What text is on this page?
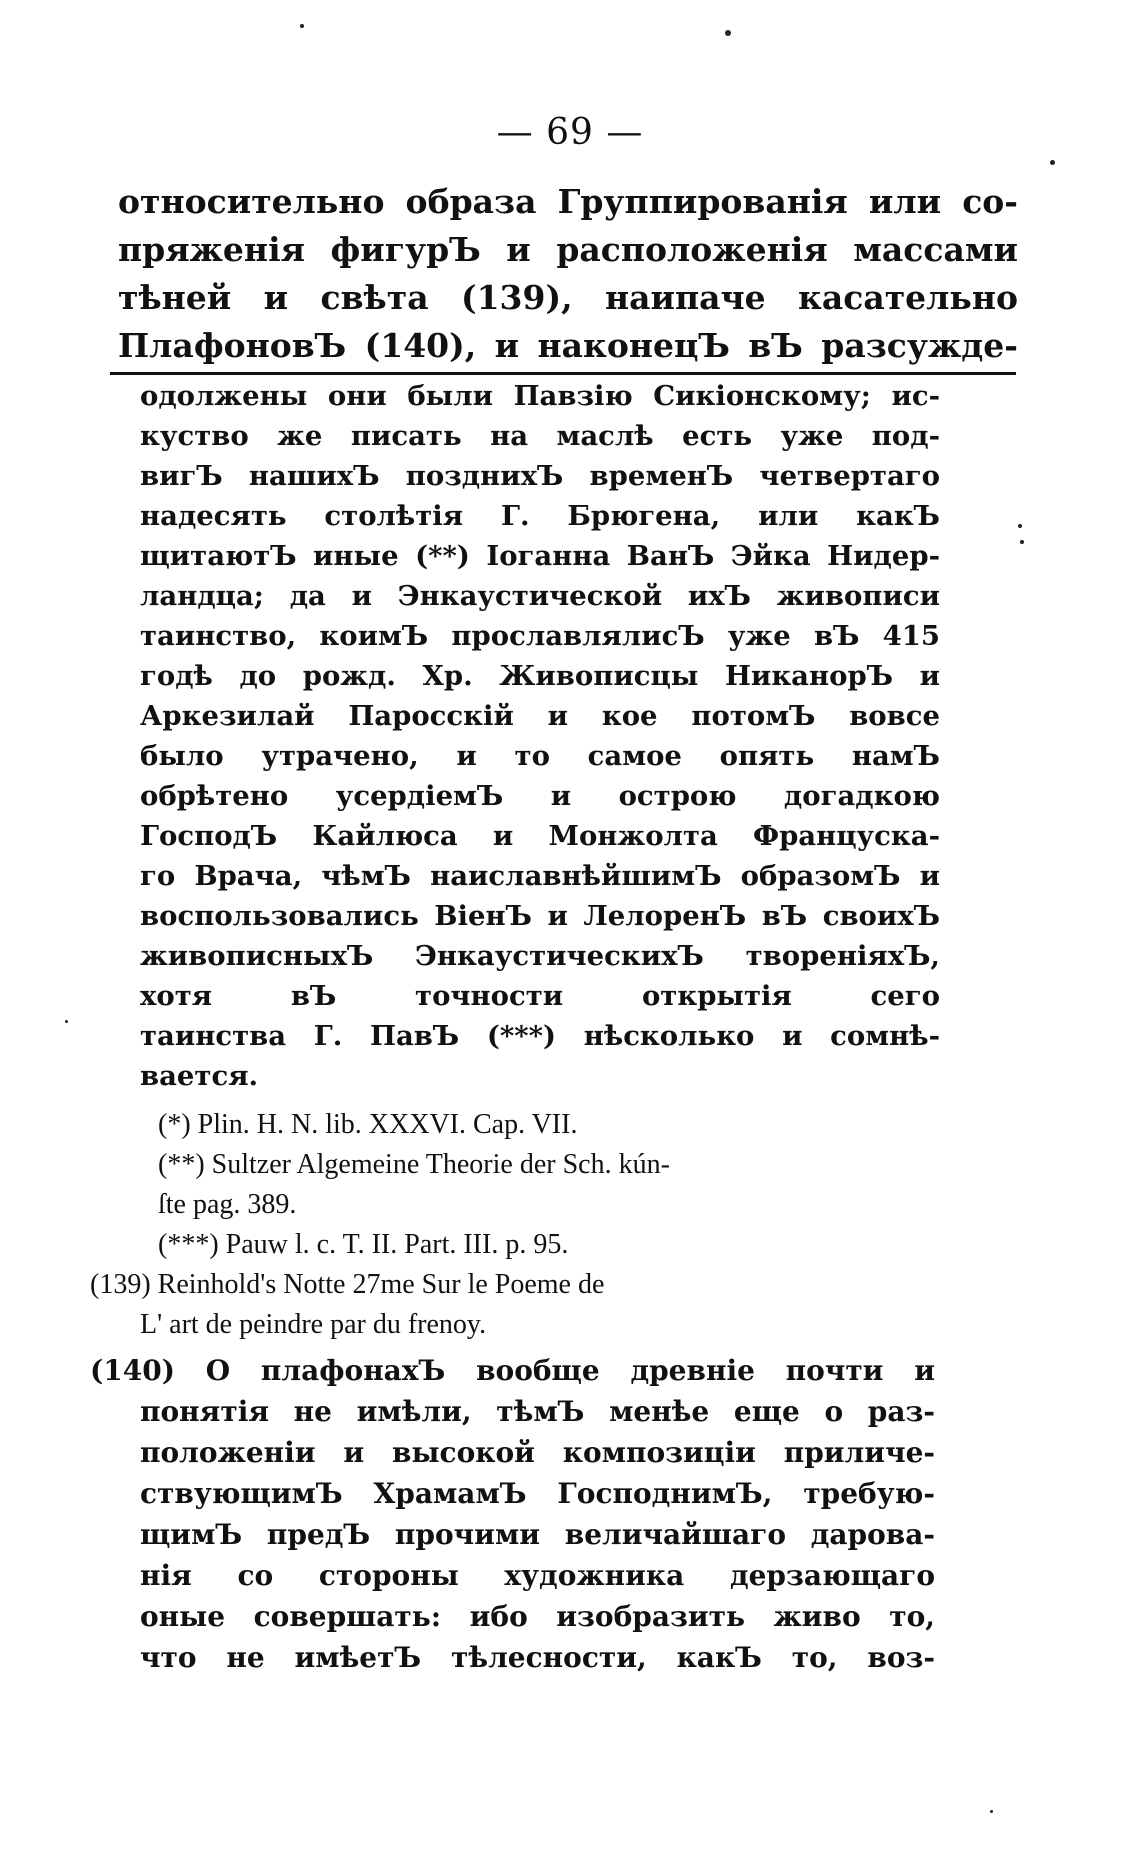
— 69 —
относительно образа Группированія или со-
пряженія фигурЪ и расположенія массами
тѣней и свѣта (139), наипаче касательно
ПлафоновЪ (140), и наконецЪ вЪ разсужде-
одолжены они были Павзію Сикіонскому; ис-
куство же писать на маслѣ есть уже под-
вигЪ нашихЪ позднихЪ временЪ четвертаго
надесять столѣтія Г. Брюгена, или какЪ
щитаютЪ иные (**) Іоганна ВанЪ Эйка Нидер-
ландца; да и Энкаустической ихЪ живописи
таинство, коимЪ прославлялисЪ уже вЪ 415
годѣ до рожд. Хр. Живописцы НиканорЪ и
Аркезилай Паросскій и кое потомЪ вовсе
было утрачено, и то самое опять намЪ
обрѣтено усердіемЪ и острою догадкою
ГосподЪ Кайлюса и Монжолта Француска-
го Врача, чѣмЪ наиславнѣйшимЪ образомЪ и
воспользовались ВіенЪ и ЛелоренЪ вЪ своихЪ
живописныхЪ ЭнкаустическихЪ твореніяхЪ,
хотя вЪ точности открытія сего
таинства Г. ПавЪ (***) нѣсколько и сомнѣ-
вается.
(*) Plin. H. N. lib. XXXVI. Cap. VII.
(**) Sultzer Algemeine Theorie der Sch. kún-
ſte pag. 389.
(***) Pauw l. c. T. II. Part. III. p. 95.
(139) Reinhold's Notte 27me Sur le Poeme de
L' art de peindre par du frenoy.
(140) О плафонахЪ вообще древніе почти и
понятія не имѣли, тѣмЪ менѣе еще о раз-
положеніи и высокой композиціи приличе-
ствующимЪ ХрамамЪ ГосподнимЪ, требую-
щимЪ предЪ прочими величайшаго дарова-
нія со стороны художника дерзающаго
оные совершать: ибо изобразить живо то,
что не имѣетЪ тѣлесности, какЪ то, воз-
